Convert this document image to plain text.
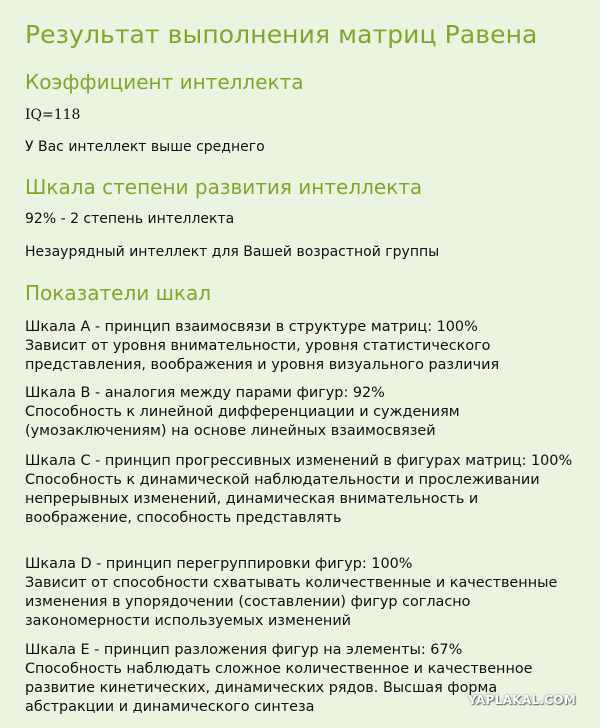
Результат выполнения матриц Равена
Коэффициент интеллекта
IQ=118
У Вас интеллект выше среднего
Шкала степени развития интеллекта
92% - 2 степень интеллекта
Незаурядный интеллект для Вашей возрастной группы
Показатели шкал
Шкала A - принцип взаимосвязи в структуре матриц: 100%
Зависит от уровня внимательности, уровня статистического представления, воображения и уровня визуального различия
Шкала B - аналогия между парами фигур: 92%
Способность к линейной дифференциации и суждениям (умозаключениям) на основе линейных взаимосвязей
Шкала C - принцип прогрессивных изменений в фигурах матриц: 100%
Способность к динамической наблюдательности и прослеживании непрерывных изменений, динамическая внимательность и воображение, способность представлять
Шкала D - принцип перегруппировки фигур: 100%
Зависит от способности схватывать количественные и качественные изменения в упорядочении (составлении) фигур согласно закономерности используемых изменений
Шкала E - принцип разложения фигур на элементы: 67%
Способность наблюдать сложное количественное и качественное развитие кинетических, динамических рядов. Высшая форма абстракции и динамического синтеза	YAPLAKAL.COM
